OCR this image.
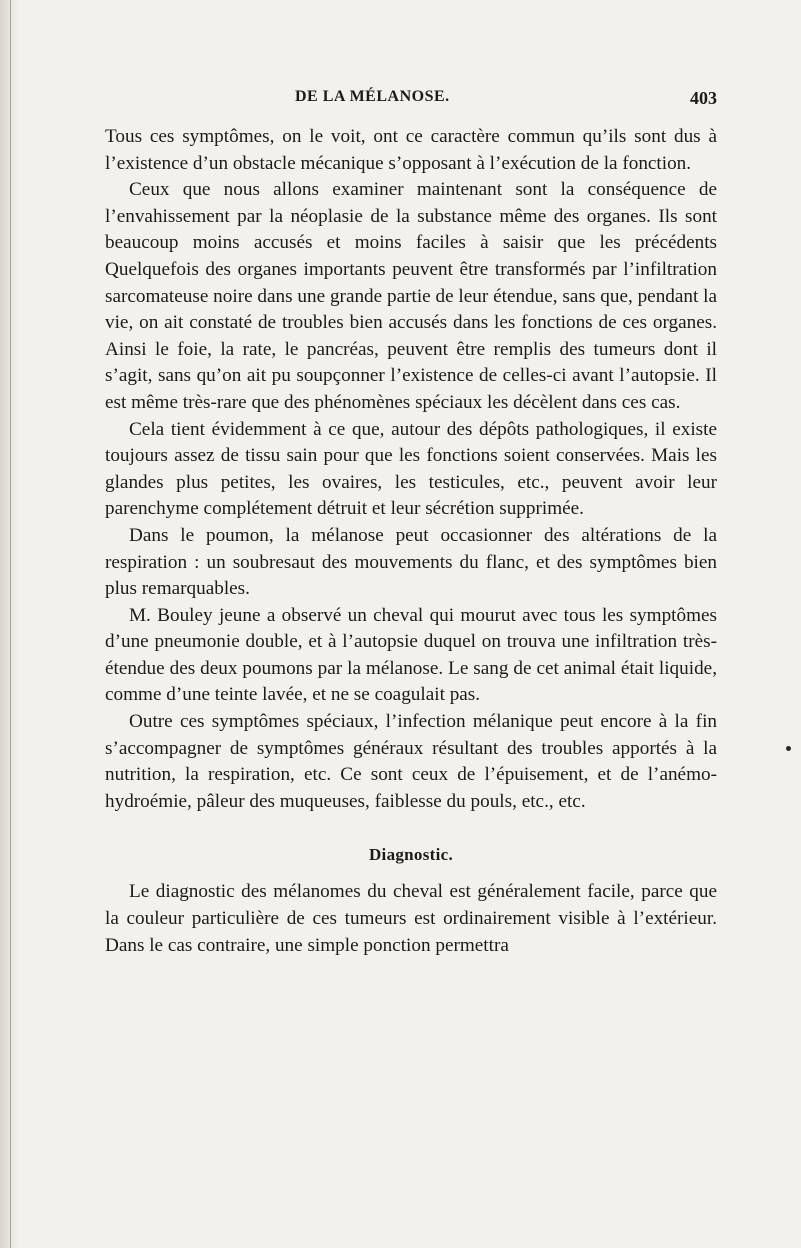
DE LA MÉLANOSE.	403

Tous ces symptômes, on le voit, ont ce caractère commun qu’ils sont dus à l’existence d’un obstacle mécanique s’opposant à l’exécution de la fonction.

Ceux que nous allons examiner maintenant sont la conséquence de l’envahissement par la néoplasie de la substance même des organes. Ils sont beaucoup moins accusés et moins faciles à saisir que les précédents Quelquefois des organes importants peuvent être transformés par l’infiltration sarcomateuse noire dans une grande partie de leur étendue, sans que, pendant la vie, on ait constaté de troubles bien accusés dans les fonctions de ces organes. Ainsi le foie, la rate, le pancréas, peuvent être remplis des tumeurs dont il s’agit, sans qu’on ait pu soupçonner l’existence de celles-ci avant l’autopsie. Il est même très-rare que des phénomènes spéciaux les décèlent dans ces cas.

Cela tient évidemment à ce que, autour des dépôts pathologiques, il existe toujours assez de tissu sain pour que les fonctions soient conservées. Mais les glandes plus petites, les ovaires, les testicules, etc., peuvent avoir leur parenchyme complétement détruit et leur sécrétion supprimée.

Dans le poumon, la mélanose peut occasionner des altérations de la respiration : un soubresaut des mouvements du flanc, et des symptômes bien plus remarquables.

M. Bouley jeune a observé un cheval qui mourut avec tous les symptômes d’une pneumonie double, et à l’autopsie duquel on trouva une infiltration très-étendue des deux poumons par la mélanose. Le sang de cet animal était liquide, comme d’une teinte lavée, et ne se coagulait pas.

Outre ces symptômes spéciaux, l’infection mélanique peut encore à la fin s’accompagner de symptômes généraux résultant des troubles apportés à la nutrition, la respiration, etc. Ce sont ceux de l’épuisement, et de l’anémo-hydroémie, pâleur des muqueuses, faiblesse du pouls, etc., etc.

Diagnostic.

Le diagnostic des mélanomes du cheval est généralement facile, parce que la couleur particulière de ces tumeurs est ordinairement visible à l’extérieur. Dans le cas contraire, une simple ponction permettra
